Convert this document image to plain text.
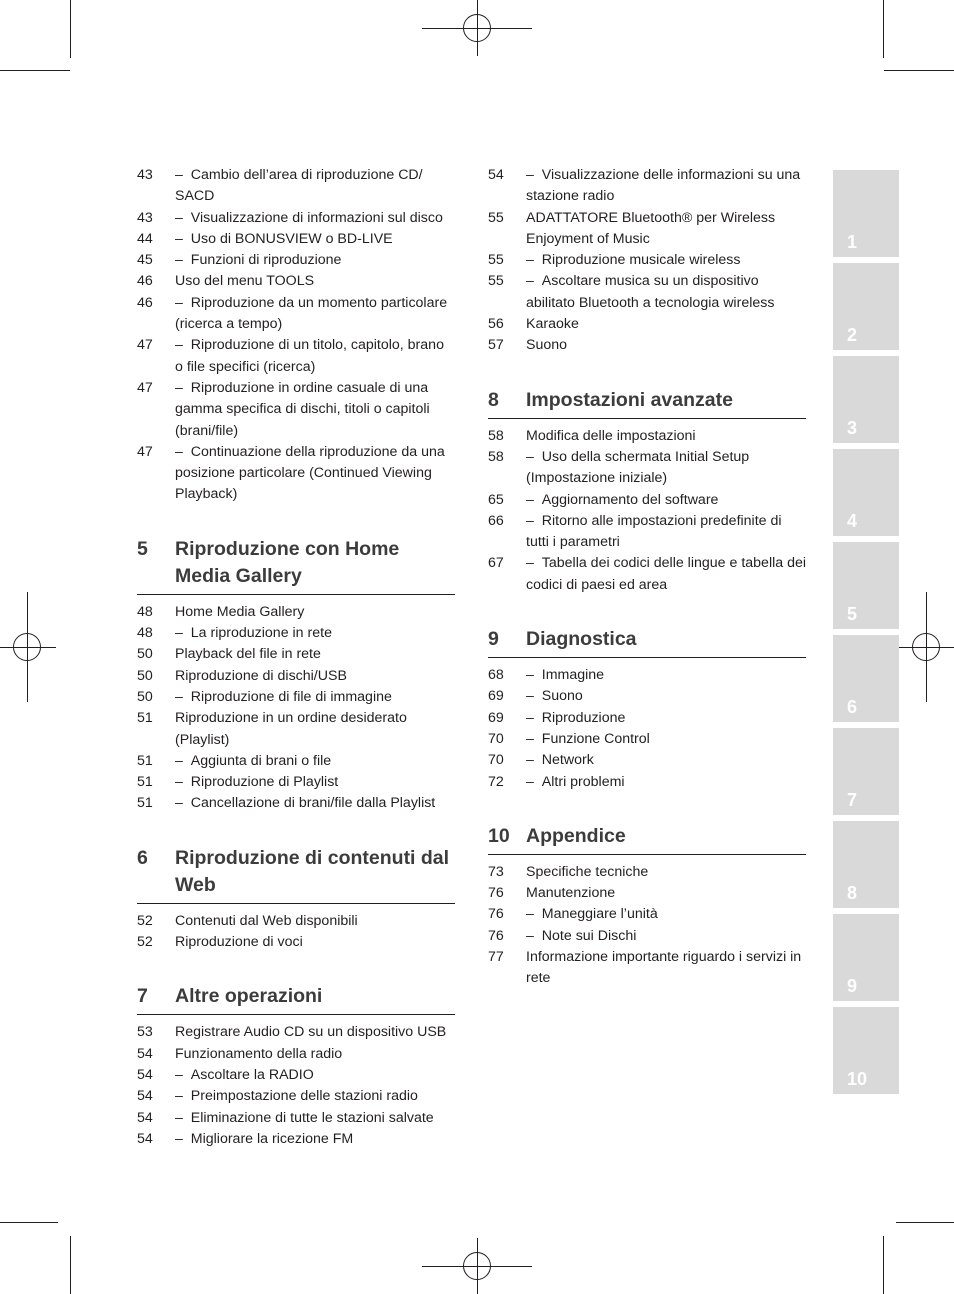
43	–  Cambio dell’area di riproduzione CD/ SACD
43	–  Visualizzazione di informazioni sul disco
44	–  Uso di BONUSVIEW o BD-LIVE
45	–  Funzioni di riproduzione
46	Uso del menu TOOLS
46	–  Riproduzione da un momento particolare (ricerca a tempo)
47	–  Riproduzione di un titolo, capitolo, brano o file specifici (ricerca)
47	–  Riproduzione in ordine casuale di una gamma specifica di dischi, titoli o capitoli (brani/file)
47	–  Continuazione della riproduzione da una posizione particolare (Continued Viewing Playback)
5	Riproduzione con Home Media Gallery
48	Home Media Gallery
48	–  La riproduzione in rete
50	Playback del file in rete
50	Riproduzione di dischi/USB
50	–  Riproduzione di file di immagine
51	Riproduzione in un ordine desiderato (Playlist)
51	–  Aggiunta di brani o file
51	–  Riproduzione di Playlist
51	–  Cancellazione di brani/file dalla Playlist
6	Riproduzione di contenuti dal Web
52	Contenuti dal Web disponibili
52	Riproduzione di voci
7	Altre operazioni
53	Registrare Audio CD su un dispositivo USB
54	Funzionamento della radio
54	–  Ascoltare la RADIO
54	–  Preimpostazione delle stazioni radio
54	–  Eliminazione di tutte le stazioni salvate
54	–  Migliorare la ricezione FM
54	–  Visualizzazione delle informazioni su una stazione radio
55	ADATTATORE Bluetooth® per Wireless Enjoyment of Music
55	–  Riproduzione musicale wireless
55	–  Ascoltare musica su un dispositivo abilitato Bluetooth a tecnologia wireless
56	Karaoke
57	Suono
8	Impostazioni avanzate
58	Modifica delle impostazioni
58	–  Uso della schermata Initial Setup (Impostazione iniziale)
65	–  Aggiornamento del software
66	–  Ritorno alle impostazioni predefinite di tutti i parametri
67	–  Tabella dei codici delle lingue e tabella dei codici di paesi ed area
9	Diagnostica
68	–  Immagine
69	–  Suono
69	–  Riproduzione
70	–  Funzione Control
70	–  Network
72	–  Altri problemi
10 Appendice
73	Specifiche tecniche
76	Manutenzione
76	–  Maneggiare l’unità
76	–  Note sui Dischi
77	Informazione importante riguardo i servizi in rete
1
2
3
4
5
6
7
8
9
10
